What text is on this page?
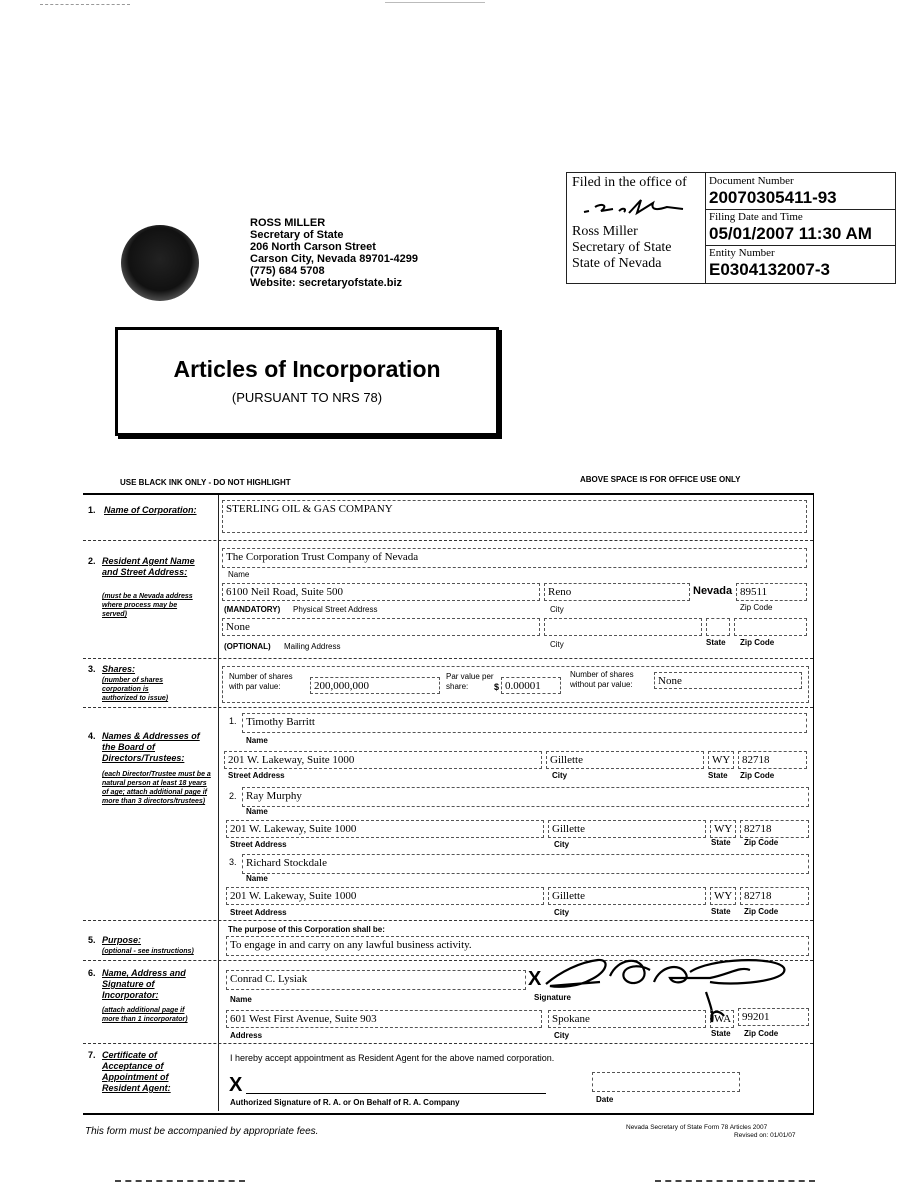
Filed in the office of
Ross Miller
Secretary of State
State of Nevada
Document Number
20070305411-93
Filing Date and Time
05/01/2007 11:30 AM
Entity Number
E0304132007-3
ROSS MILLER
Secretary of State
206 North Carson Street
Carson City, Nevada 89701-4299
(775) 684 5708
Website: secretaryofstate.biz
Articles of Incorporation
(PURSUANT TO NRS 78)
USE BLACK INK ONLY - DO NOT HIGHLIGHT	ABOVE SPACE IS FOR OFFICE USE ONLY
1. Name of Corporation:	STERLING OIL & GAS COMPANY
2. Resident Agent Name and Street Address:
(must be a Nevada address where process may be served)
The Corporation Trust Company of Nevada
Name
6100 Neil Road, Suite 500	Reno	Nevada 89511
(MANDATORY) Physical Street Address	City	Zip Code
None
(OPTIONAL) Mailing Address	City	State Zip Code
3. Shares:
(number of shares corporation is authorized to issue)
Number of shares with par value:	200,000,000
Par value per share:	$ 0.00001
Number of shares without par value:	None
4. Names & Addresses of the Board of Directors/Trustees:
(each Director/Trustee must be a natural person at least 18 years of age; attach additional page if more than 3 directors/trustees)
1. Timothy Barritt
Name
201 W. Lakeway, Suite 1000	Gillette	WY	82718
Street Address	City	State Zip Code
2. Ray Murphy
Name
201 W. Lakeway, Suite 1000	Gillette	WY	82718
Street Address	City	State Zip Code
3. Richard Stockdale
Name
201 W. Lakeway, Suite 1000	Gillette	WY	82718
Street Address	City	State Zip Code
5. Purpose:
(optional - see instructions)
The purpose of this Corporation shall be:
To engage in and carry on any lawful business activity.
6. Name, Address and Signature of Incorporator:
(attach additional page if more than 1 incorporator)
Conrad C. Lysiak	X
Name	Signature
601 West First Avenue, Suite 903	Spokane	WA 99201
Address	City	State Zip Code
7. Certificate of Acceptance of Appointment of Resident Agent:
I hereby accept appointment as Resident Agent for the above named corporation.
X
Authorized Signature of R. A. or On Behalf of R. A. Company	Date
This form must be accompanied by appropriate fees.	Nevada Secretary of State Form 78 Articles 2007
Revised on: 01/01/07
